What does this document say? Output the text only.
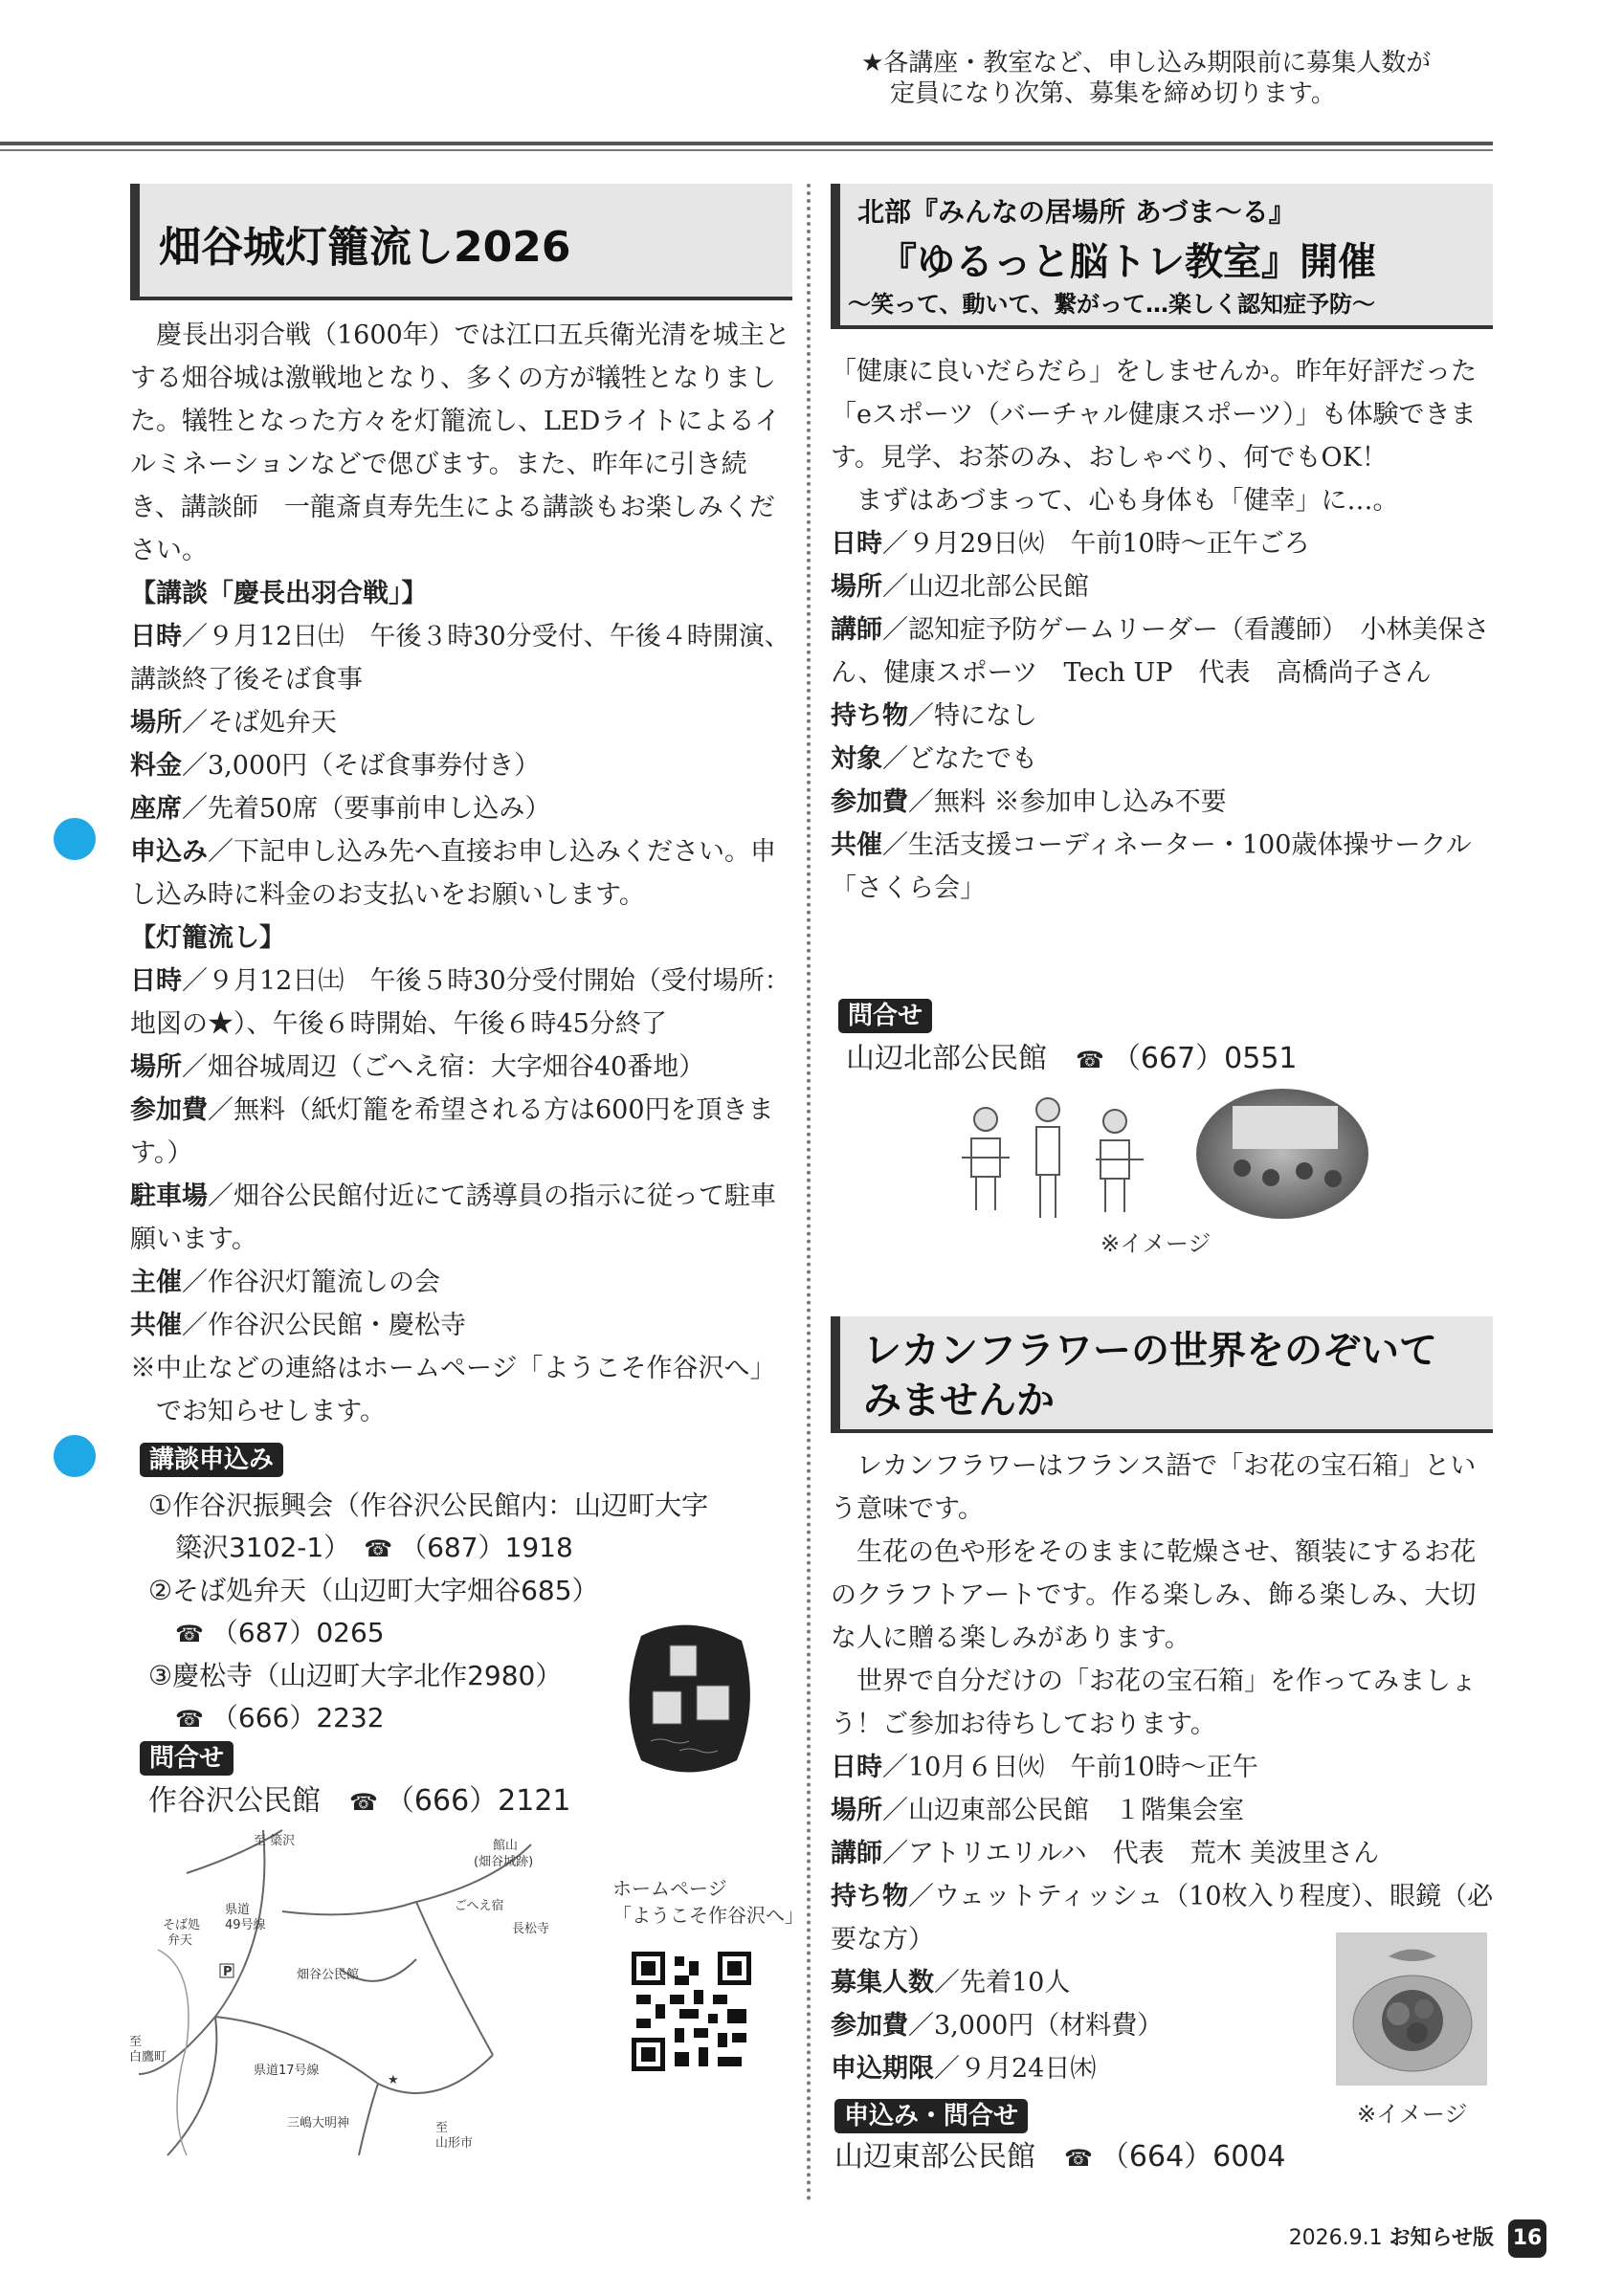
★各講座・教室など、申し込み期限前に募集人数が
定員になり次第、募集を締め切ります。
畑谷城灯籠流し2026

慶長出羽合戦（1600年）では江口五兵衛光清を城主とする畑谷城は激戦地となり、多くの方が犠牲となりました。犠牲となった方々を灯籠流し、LEDライトによるイルミネーションなどで偲びます。また、昨年に引き続き、講談師　一龍斎貞寿先生による講談もお楽しみください。

【講談「慶長出羽合戦」】

日時／９月12日㈯　午後３時30分受付、午後４時開演、講談終了後そば食事

場所／そば処弁天

料金／3,000円（そば食事券付き）

座席／先着50席（要事前申し込み）

申込み／下記申し込み先へ直接お申し込みください。申し込み時に料金のお支払いをお願いします。

【灯籠流し】

日時／９月12日㈯　午後５時30分受付開始（受付場所：地図の★）、午後６時開始、午後６時45分終了

場所／畑谷城周辺（ごへえ宿：大字畑谷40番地）

参加費／無料（紙灯籠を希望される方は600円を頂きます。）

駐車場／畑谷公民館付近にて誘導員の指示に従って駐車願います。

主催／作谷沢灯籠流しの会

共催／作谷沢公民館・慶松寺

※中止などの連絡はホームページ「ようこそ作谷沢へ」でお知らせします。

講談申込み
①作谷沢振興会（作谷沢公民館内：山辺町大字
簗沢3102-1）　 ☎ （687）1918
②そば処弁天（山辺町大字畑谷685）
☎ （687）0265
③慶松寺（山辺町大字北作2980）
☎ （666）2232
問合せ
作谷沢公民館　 ☎ （666）2121
P
★
至 簗沢	館山
(畑谷城跡)
そば処
弁天
県道
49号線
ごへえ宿
長松寺
畑谷公民館
至
白鷹町
県道17号線
三嶋大明神	至
山形市
ホームページ
「ようこそ作谷沢へ」
北部『みんなの居場所 あづま～る』
『ゆるっと脳トレ教室』開催
～笑って、動いて、繋がって…楽しく認知症予防～

「健康に良いだらだら」をしませんか。昨年好評だった「eスポーツ（バーチャル健康スポーツ）」も体験できます。見学、お茶のみ、おしゃべり、何でもOK！

まずはあづまって、心も身体も「健幸」に…。

日時／９月29日㈫　午前10時～正午ごろ

場所／山辺北部公民館

講師／認知症予防ゲームリーダー（看護師）　小林美保さん、健康スポーツ　Tech UP　代表　高橋尚子さん

持ち物／特になし

対象／どなたでも

参加費／無料 ※参加申し込み不要

共催／生活支援コーディネーター・100歳体操サークル「さくら会」

問合せ
山辺北部公民館　 ☎ （667）0551
※イメージ
レカンフラワーの世界をのぞいて
みませんか

レカンフラワーはフランス語で「お花の宝石箱」という意味です。

生花の色や形をそのままに乾燥させ、額装にするお花のクラフトアートです。作る楽しみ、飾る楽しみ、大切な人に贈る楽しみがあります。

世界で自分だけの「お花の宝石箱」を作ってみましょう！ご参加お待ちしております。

日時／10月６日㈫　午前10時～正午

場所／山辺東部公民館　１階集会室

講師／アトリエリルハ　代表　荒木 美波里さん

持ち物／ウェットティッシュ（10枚入り程度）、眼鏡（必要な方）

募集人数／先着10人

参加費／3,000円（材料費）

申込期限／９月24日㈭

※イメージ
申込み・問合せ
山辺東部公民館　 ☎ （664）6004
2026.9.1 お知らせ版 16
